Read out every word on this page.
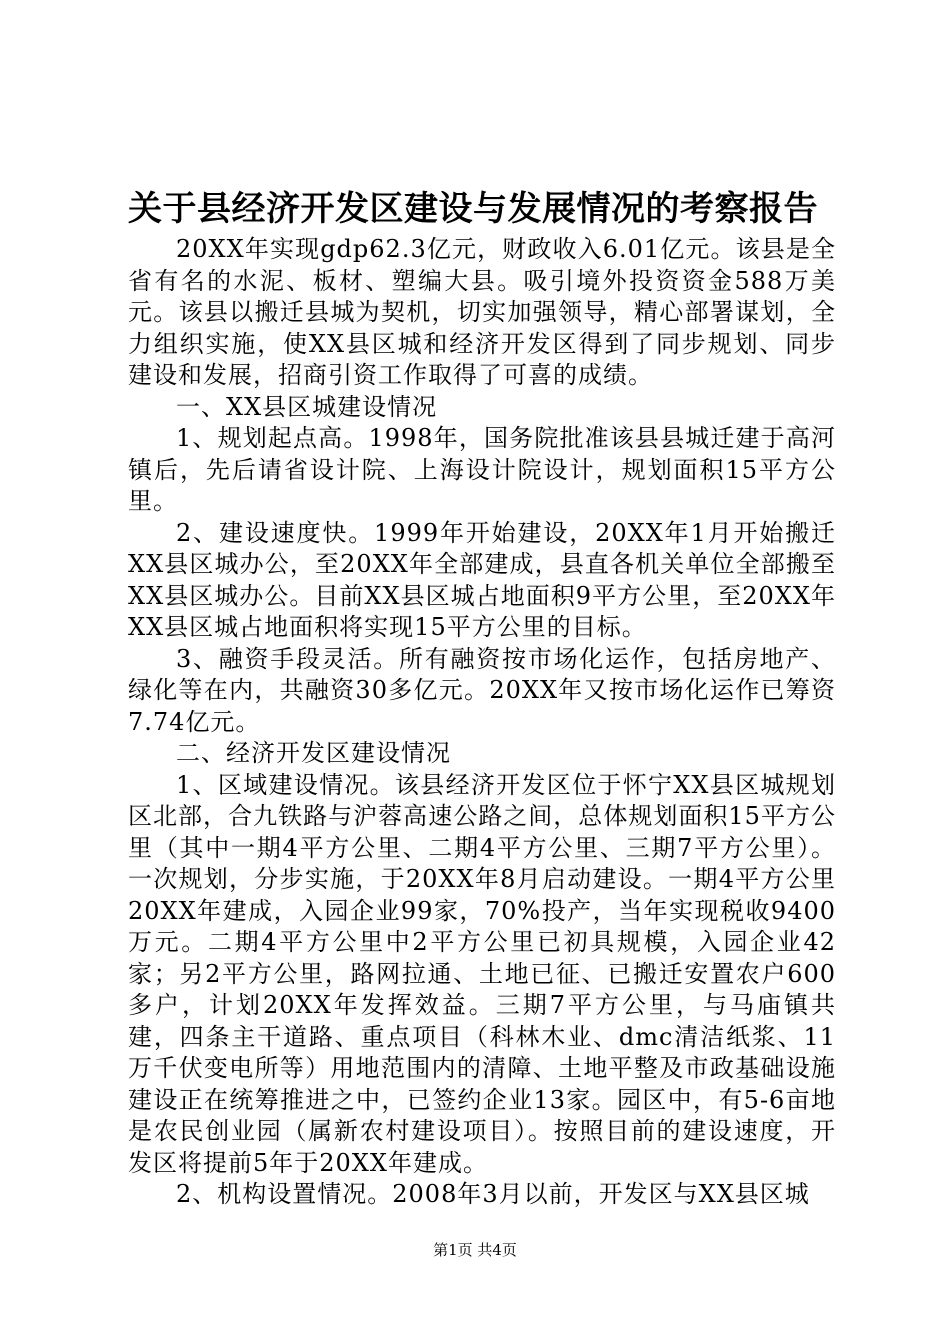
关于县经济开发区建设与发展情况的考察报告

20XX年实现gdp62.3亿元，财政收入6.01亿元。该县是全省有名的水泥、板材、塑编大县。吸引境外投资资金588万美元。该县以搬迁县城为契机，切实加强领导，精心部署谋划，全力组织实施，使XX县区城和经济开发区得到了同步规划、同步建设和发展，招商引资工作取得了可喜的成绩。

一、XX县区城建设情况

1、规划起点高。1998年，国务院批准该县县城迁建于高河镇后，先后请省设计院、上海设计院设计，规划面积15平方公里。

2、建设速度快。1999年开始建设，20XX年1月开始搬迁XX县区城办公，至20XX年全部建成，县直各机关单位全部搬至XX县区城办公。目前XX县区城占地面积9平方公里，至20XX年XX县区城占地面积将实现15平方公里的目标。

3、融资手段灵活。所有融资按市场化运作，包括房地产、绿化等在内，共融资30多亿元。20XX年又按市场化运作已筹资7.74亿元。

二、经济开发区建设情况

1、区域建设情况。该县经济开发区位于怀宁XX县区城规划区北部，合九铁路与沪蓉高速公路之间，总体规划面积15平方公里（其中一期4平方公里、二期4平方公里、三期7平方公里）。一次规划，分步实施，于20XX年8月启动建设。一期4平方公里20XX年建成，入园企业99家，70%投产，当年实现税收9400万元。二期4平方公里中2平方公里已初具规模，入园企业42家；另2平方公里，路网拉通、土地已征、已搬迁安置农户600多户，计划20XX年发挥效益。三期7平方公里，与马庙镇共建，四条主干道路、重点项目（科林木业、dmc清洁纸浆、11万千伏变电所等）用地范围内的清障、土地平整及市政基础设施建设正在统筹推进之中，已签约企业13家。园区中，有5-6亩地是农民创业园（属新农村建设项目）。按照目前的建设速度，开发区将提前5年于20XX年建成。

2、机构设置情况。2008年3月以前，开发区与XX县区城

第1页 共4页
